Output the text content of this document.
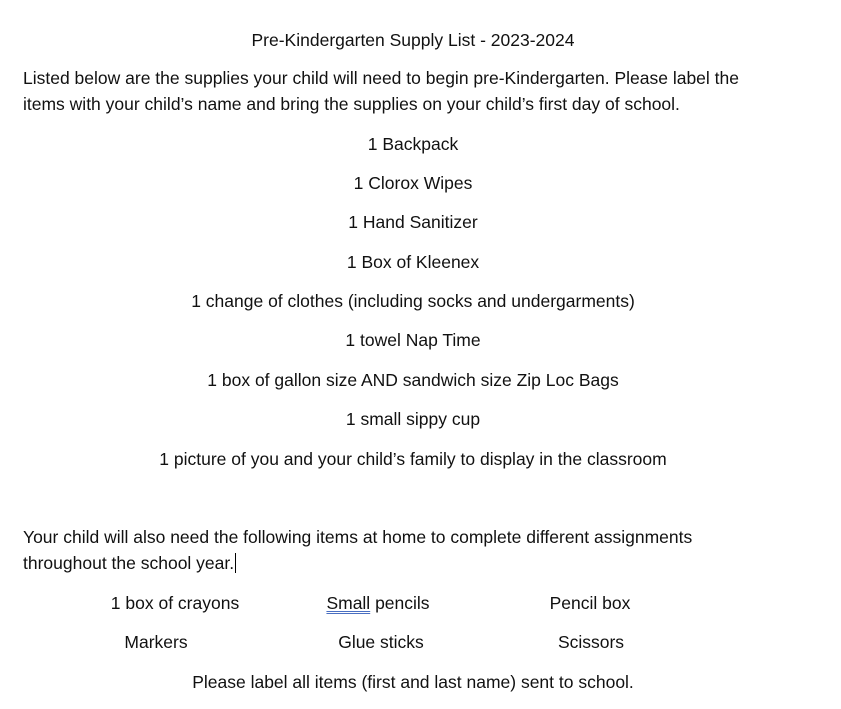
Pre-Kindergarten Supply List - 2023-2024
Listed below are the supplies your child will need to begin pre-Kindergarten. Please label the
items with your child’s name and bring the supplies on your child’s first day of school.
1 Backpack
1 Clorox Wipes
1 Hand Sanitizer
1 Box of Kleenex
1 change of clothes (including socks and undergarments)
1 towel Nap Time
1 box of gallon size AND sandwich size Zip Loc Bags
1 small sippy cup
1 picture of you and your child’s family to display in the classroom
Your child will also need the following items at home to complete different assignments
throughout the school year.
1 box of crayons	Small pencils	Pencil box
Markers	Glue sticks	Scissors
Please label all items (first and last name) sent to school.
